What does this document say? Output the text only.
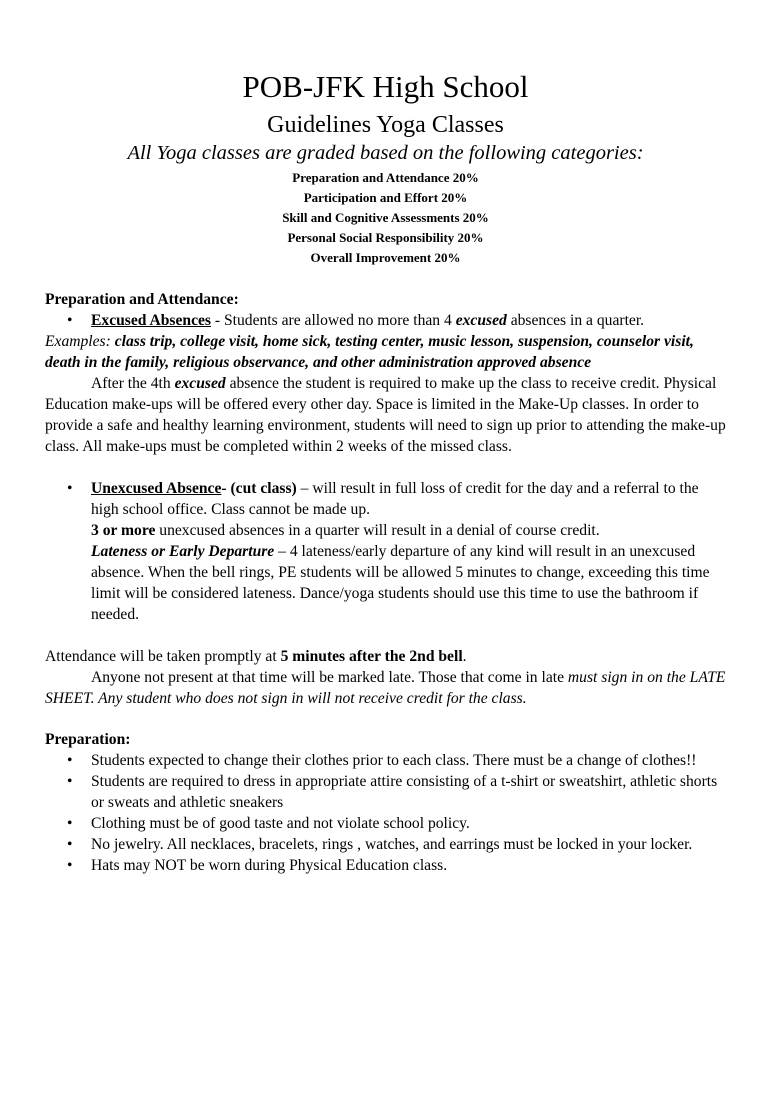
POB-JFK High School
Guidelines Yoga Classes
All Yoga classes are graded based on the following categories:
Preparation and Attendance 20%
Participation and Effort 20%
Skill and Cognitive Assessments 20%
Personal Social Responsibility 20%
Overall Improvement 20%
Preparation and Attendance:
• Excused Absences - Students are allowed no more than 4 excused absences in a quarter.

Examples: class trip, college visit, home sick, testing center, music lesson, suspension, counselor visit, death in the family, religious observance, and other administration approved absence

After the 4th excused absence the student is required to make up the class to receive credit. Physical Education make-ups will be offered every other day. Space is limited in the Make-Up classes. In order to provide a safe and healthy learning environment, students will need to sign up prior to attending the make-up class. All make-ups must be completed within 2 weeks of the missed class.

• Unexcused Absence- (cut class) – will result in full loss of credit for the day and a referral to the high school office. Class cannot be made up.
3 or more unexcused absences in a quarter will result in a denial of course credit.
Lateness or Early Departure – 4 lateness/early departure of any kind will result in an unexcused absence. When the bell rings, PE students will be allowed 5 minutes to change, exceeding this time limit will be considered lateness. Dance/yoga students should use this time to use the bathroom if needed.

Attendance will be taken promptly at 5 minutes after the 2nd bell.

Anyone not present at that time will be marked late. Those that come in late must sign in on the LATE SHEET. Any student who does not sign in will not receive credit for the class.

Preparation:
• Students expected to change their clothes prior to each class. There must be a change of clothes!!
• Students are required to dress in appropriate attire consisting of a t-shirt or sweatshirt, athletic shorts or sweats and athletic sneakers
• Clothing must be of good taste and not violate school policy.
• No jewelry. All necklaces, bracelets, rings , watches, and earrings must be locked in your locker.
• Hats may NOT be worn during Physical Education class.
